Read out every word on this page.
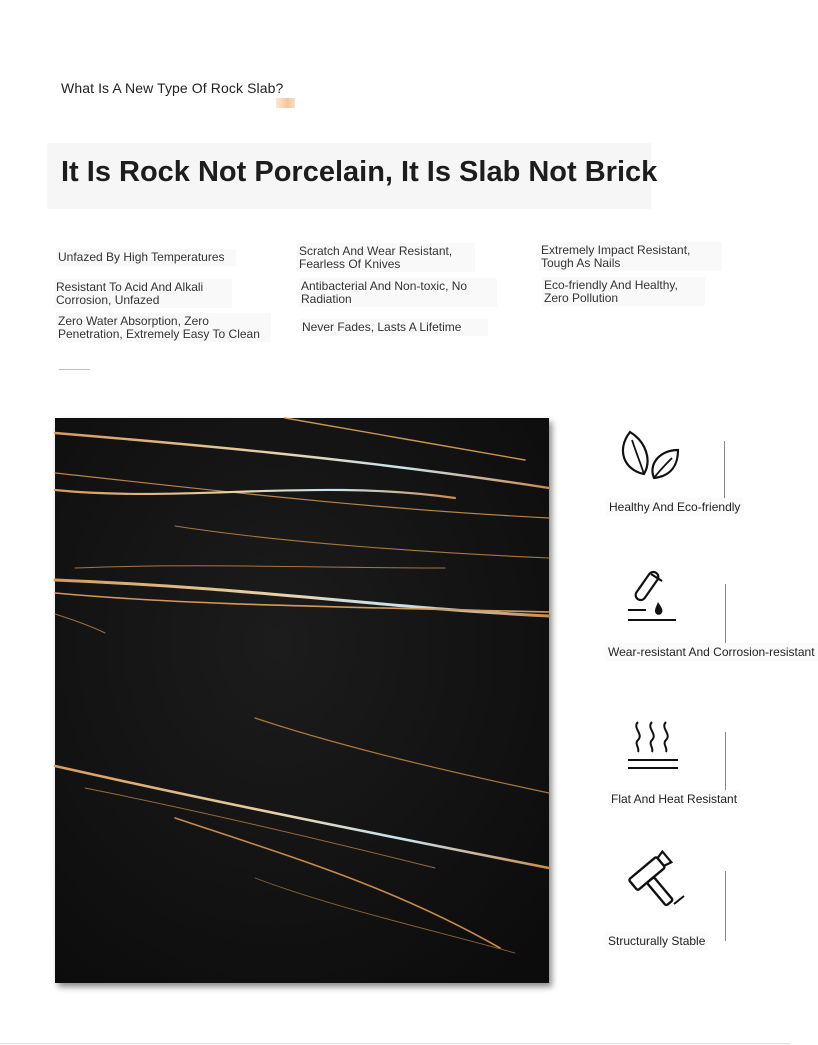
What Is A New Type Of Rock Slab?
It Is Rock Not Porcelain, It Is Slab Not Brick
Unfazed By High Temperatures	Scratch And Wear Resistant, Fearless Of Knives
Extremely Impact Resistant, Tough As Nails
Resistant To Acid And Alkali Corrosion, Unfazed
Antibacterial And Non-toxic, No Radiation
Eco-friendly And Healthy, Zero Pollution
Zero Water Absorption, Zero Penetration, Extremely Easy To Clean	Never Fades, Lasts A Lifetime
Healthy And Eco-friendly
Wear-resistant And Corrosion-resistant
Flat And Heat Resistant
Structurally Stable
